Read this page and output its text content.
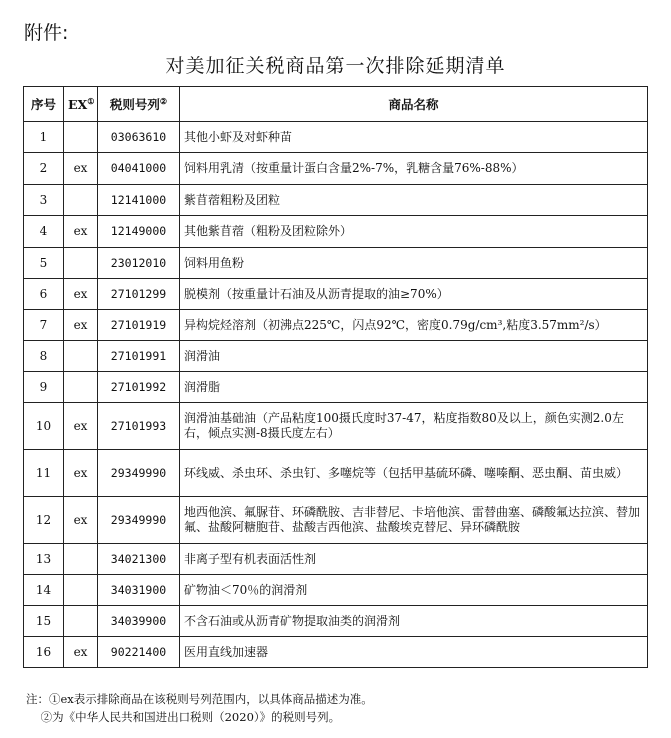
附件:
对美加征关税商品第一次排除延期清单
序号	EX①	税则号列②	商品名称
1		03063610	其他小虾及对虾种苗
2	ex	04041000	饲料用乳清（按重量计蛋白含量2%-7%，乳糖含量76%-88%）
3		12141000	紫苜蓿粗粉及团粒
4	ex	12149000	其他紫苜蓿（粗粉及团粒除外）
5		23012010	饲料用鱼粉
6	ex	27101299	脱模剂（按重量计石油及从沥青提取的油≥70%）
7	ex	27101919	异构烷烃溶剂（初沸点225℃，闪点92℃，密度0.79g/cm³,粘度3.57mm²/s）
8		27101991	润滑油
9		27101992	润滑脂
10	ex	27101993	润滑油基础油（产品粘度100摄氏度时37-47，粘度指数80及以上，颜色实测2.0左右，倾点实测-8摄氏度左右）
11	ex	29349990	环线威、杀虫环、杀虫钉、多噻烷等（包括甲基硫环磷、噻嗪酮、恶虫酮、苗虫威）
12	ex	29349990	地西他滨、氟脲苷、环磷酰胺、吉非替尼、卡培他滨、雷替曲塞、磷酸氟达拉滨、替加氟、盐酸阿糖胞苷、盐酸吉西他滨、盐酸埃克替尼、异环磷酰胺
13		34021300	非离子型有机表面活性剂
14		34031900	矿物油＜70％的润滑剂
15		34039900	不含石油或从沥青矿物提取油类的润滑剂
16	ex	90221400	医用直线加速器
注：①ex表示排除商品在该税则号列范围内，以具体商品描述为准。
②为《中华人民共和国进出口税则（2020）》的税则号列。
